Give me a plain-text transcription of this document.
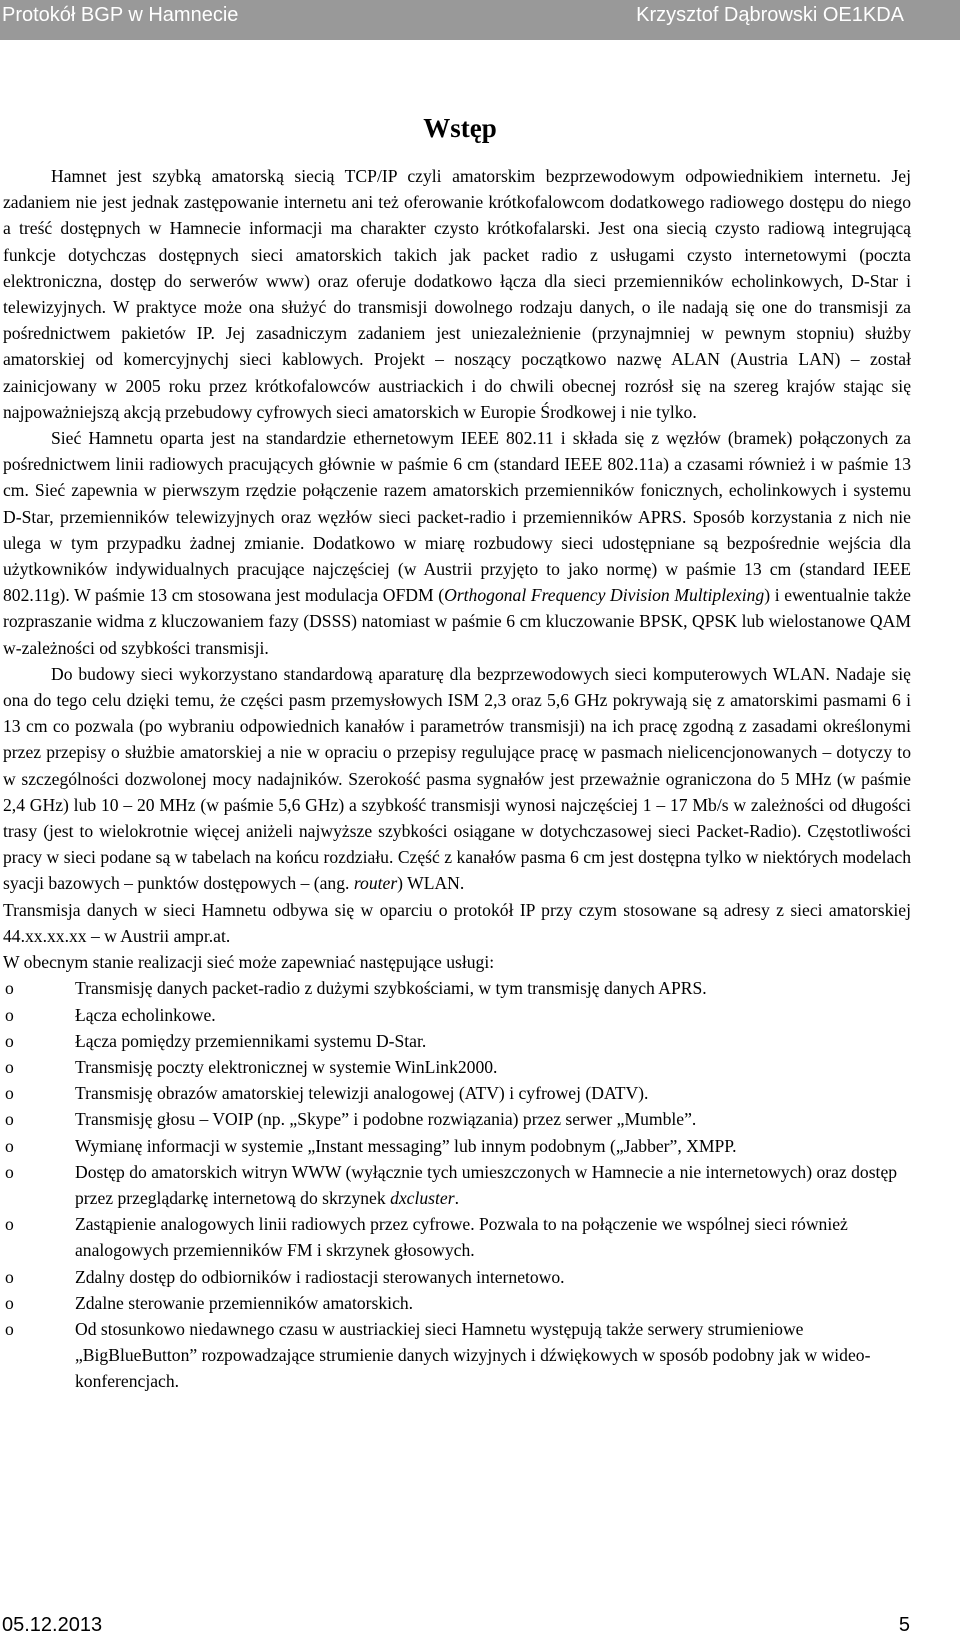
Protokół BGP w Hamnecie	Krzysztof Dąbrowski OE1KDA
Wstęp

Hamnet jest szybką amatorską siecią TCP/IP czyli amatorskim bezprzewodowym odpowiednikiem internetu. Jej zadaniem nie jest jednak zastępowanie internetu ani też oferowanie krótkofalowcom dodatkowego radiowego dostępu do niego a treść dostępnych w Hamnecie informacji ma charakter czysto krótkofalarski. Jest ona siecią czysto radiową integrującą funkcje dotychczas dostępnych sieci amatorskich takich jak packet radio z usługami czysto internetowymi (poczta elektroniczna, dostęp do serwerów www) oraz oferuje dodatkowo łącza dla sieci przemienników echolinkowych, D-Star i telewizyjnych. W praktyce może ona służyć do transmisji dowolnego rodzaju danych, o ile nadają się one do transmisji za pośrednictwem pakietów IP. Jej zasadniczym zadaniem jest uniezależnienie (przynajmniej w pewnym stopniu) służby amatorskiej od komercyjnychj sieci kablowych. Projekt – noszący początkowo nazwę ALAN (Austria LAN) – został zainicjowany w 2005 roku przez krótkofalowców austriackich i do chwili obecnej rozrósł się na szereg krajów stając się najpoważniejszą akcją przebudowy cyfrowych sieci amatorskich w Europie Środkowej i nie tylko.

Sieć Hamnetu oparta jest na standardzie ethernetowym IEEE 802.11 i składa się z węzłów (bramek) połączonych za pośrednictwem linii radiowych pracujących głównie w paśmie 6 cm (standard IEEE 802.11a) a czasami również i w paśmie 13 cm. Sieć zapewnia w pierwszym rzędzie połączenie razem amatorskich przemienników fonicznych, echolinkowych i systemu D-Star, przemienników telewizyjnych oraz węzłów sieci packet-radio i przemienników APRS. Sposób korzystania z nich nie ulega w tym przypadku żadnej zmianie. Dodatkowo w miarę rozbudowy sieci udostępniane są bezpośrednie wejścia dla użytkowników indywidualnych pracujące najczęściej (w Austrii przyjęto to jako normę) w paśmie 13 cm (standard IEEE 802.11g). W paśmie 13 cm stosowana jest modulacja OFDM (Orthogonal Frequency Division Multiplexing) i ewentualnie także rozpraszanie widma z kluczowaniem fazy (DSSS) natomiast w paśmie 6 cm kluczowanie BPSK, QPSK lub wielostanowe QAM w-zależności od szybkości transmisji.

Do budowy sieci wykorzystano standardową aparaturę dla bezprzewodowych sieci komputerowych WLAN. Nadaje się ona do tego celu dzięki temu, że części pasm przemysłowych ISM 2,3 oraz 5,6 GHz pokrywają się z amatorskimi pasmami 6 i 13 cm co pozwala (po wybraniu odpowiednich kanałów i parametrów transmisji) na ich pracę zgodną z zasadami określonymi przez przepisy o służbie amatorskiej a nie w opraciu o przepisy regulujące pracę w pasmach nielicencjonowanych – dotyczy to w szczególności dozwolonej mocy nadajników. Szerokość pasma sygnałów jest przeważnie ograniczona do 5 MHz (w paśmie 2,4 GHz) lub 10 – 20 MHz (w paśmie 5,6 GHz) a szybkość transmisji wynosi najczęściej 1 – 17 Mb/s w zależności od długości trasy (jest to wielokrotnie więcej aniżeli najwyższe szybkości osiągane w dotychczasowej sieci Packet-Radio). Częstotliwości pracy w sieci podane są w tabelach na końcu rozdziału. Część z kanałów pasma 6 cm jest dostępna tylko w niektórych modelach syacji bazowych – punktów dostępowych – (ang. router) WLAN.

Transmisja danych w sieci Hamnetu odbywa się w oparciu o protokół IP przy czym stosowane są adresy z sieci amatorskiej 44.xx.xx.xx – w Austrii ampr.at.

W obecnym stanie realizacji sieć może zapewniać następujące usługi:

o	Transmisję danych packet-radio z dużymi szybkościami, w tym transmisję danych APRS.
o	Łącza echolinkowe.
o	Łącza pomiędzy przemiennikami systemu D-Star.
o	Transmisję poczty elektronicznej w systemie WinLink2000.
o	Transmisję obrazów amatorskiej telewizji analogowej (ATV) i cyfrowej (DATV).
o	Transmisję głosu – VOIP (np. „Skype” i podobne rozwiązania) przez serwer „Mumble”.
o	Wymianę informacji w systemie „Instant messaging” lub innym podobnym („Jabber”, XMPP.
o	Dostęp do amatorskich witryn WWW (wyłącznie tych umieszczonych w Hamnecie a nie internetowych) oraz dostęp przez przeglądarkę internetową do skrzynek dxcluster.
o	Zastąpienie analogowych linii radiowych przez cyfrowe. Pozwala to na połączenie we wspólnej sieci również analogowych przemienników FM i skrzynek głosowych.
o	Zdalny dostęp do odbiorników i radiostacji sterowanych internetowo.
o	Zdalne sterowanie przemienników amatorskich.
o	Od stosunkowo niedawnego czasu w austriackiej sieci Hamnetu występują także serwery strumieniowe „BigBlueButton” rozpowadzające strumienie danych wizyjnych i dźwiękowych w sposób podobny jak w wideo-konferencjach.
05.12.2013	5
